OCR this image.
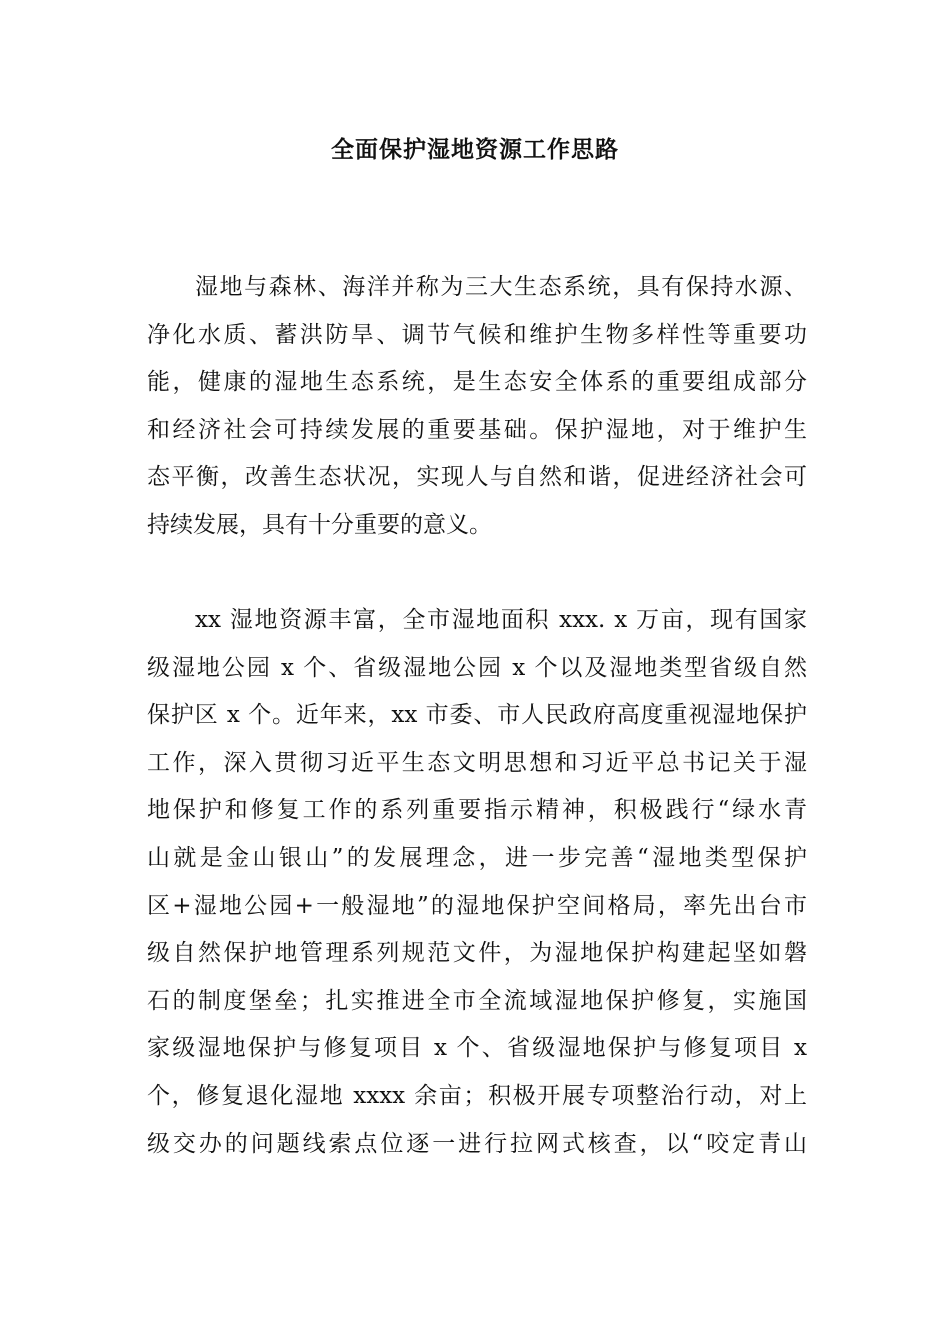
全面保护湿地资源工作思路
湿地与森林、海洋并称为三大生态系统，具有保持水源、
净化水质、蓄洪防旱、调节气候和维护生物多样性等重要功
能，健康的湿地生态系统，是生态安全体系的重要组成部分
和经济社会可持续发展的重要基础。保护湿地，对于维护生
态平衡，改善生态状况，实现人与自然和谐，促进经济社会可
持续发展，具有十分重要的意义。
xx 湿地资源丰富，全市湿地面积 xxx. x 万亩，现有国家
级湿地公园 x 个、省级湿地公园 x 个以及湿地类型省级自然
保护区 x 个。近年来，xx 市委、市人民政府高度重视湿地保护
工作，深入贯彻习近平生态文明思想和习近平总书记关于湿
地保护和修复工作的系列重要指示精神，积极践行“绿水青
山就是金山银山”的发展理念，进一步完善“湿地类型保护
区+湿地公园+一般湿地”的湿地保护空间格局，率先出台市
级自然保护地管理系列规范文件，为湿地保护构建起坚如磐
石的制度堡垒；扎实推进全市全流域湿地保护修复，实施国
家级湿地保护与修复项目 x 个、省级湿地保护与修复项目 x
个，修复退化湿地 xxxx 余亩；积极开展专项整治行动，对上
级交办的问题线索点位逐一进行拉网式核查，以“咬定青山
